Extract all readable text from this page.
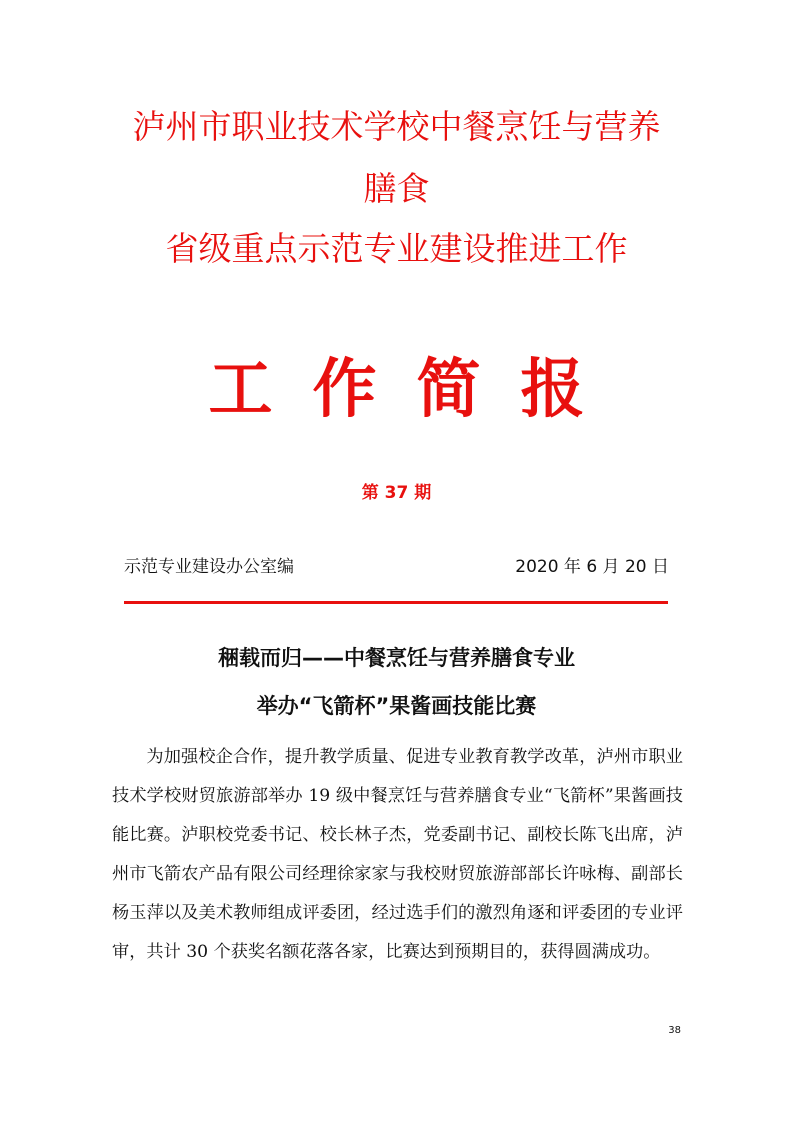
泸州市职业技术学校中餐烹饪与营养
膳食
省级重点示范专业建设推进工作
工作简报
第 37 期
示范专业建设办公室编	2020 年 6 月 20 日
稇载而归——中餐烹饪与营养膳食专业
举办“飞箭杯”果酱画技能比赛

为加强校企合作，提升教学质量、促进专业教育教学改革，泸州市职业技术学校财贸旅游部举办 19 级中餐烹饪与营养膳食专业“飞箭杯”果酱画技能比赛。泸职校党委书记、校长林子杰，党委副书记、副校长陈飞出席，泸州市飞箭农产品有限公司经理徐家家与我校财贸旅游部部长许咏梅、副部长杨玉萍以及美术教师组成评委团，经过选手们的激烈角逐和评委团的专业评审，共计 30 个获奖名额花落各家，比赛达到预期目的，获得圆满成功。

38
